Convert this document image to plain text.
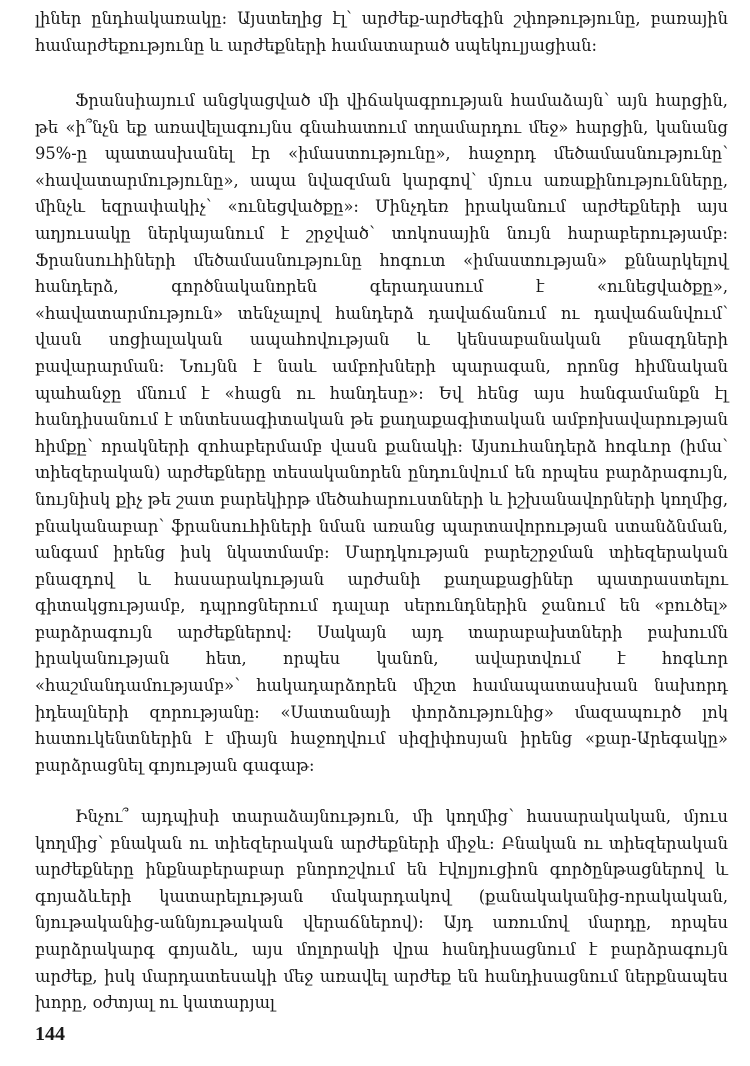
լիներ ընդհակառակը: Այստեղից էլ՝ արժեք-արժեգին շփոթությունը, բառային համարժեքությունը և արժեքների համատարած սպեկուլյացիան:

Ֆրանսիայում անցկացված մի վիճակագրության համաձայն՝ այն հարցին, թե «ի՞նչն եք առավելագույնս գնահատում տղամարդու մեջ» հարցին, կանանց 95%-ը պատասխանել էր «իմաստությունը», հաջորդ մեծամասնությունը՝ «հավատարմությունը», ապա նվազման կարգով՝ մյուս առաքինությունները, մինչև եզրափակիչ՝ «ունեցվածքը»: Մինչդեռ իրականում արժեքների այս աղյուսակը ներկայանում է շրջված՝ տոկոսային նույն հարաբերությամբ: Ֆրանսուհիների մեծամասնությունը հոգուտ «իմաստության» քննարկելով հանդերձ, գործնականորեն գերադասում է «ունեցվածքը», «հավատարմություն» տենչալով հանդերձ դավաճանում ու դավաճանվում՝ վասն սոցիալական ապահովության և կենսաբանական բնազդների բավարարման: Նույնն է նաև ամբոխների պարագան, որոնց հիմնական պահանջը մնում է «հացն ու հանդեսը»: Եվ հենց այս հանգամանքն էլ հանդիսանում է տնտեսագիտական թե քաղաքագիտական ամբոխավարության հիմքը՝ որակների զոհաբերմամբ վասն քանակի: Այսուհանդերձ հոգևոր (իմա՝ տիեզերական) արժեքները տեսականորեն ընդունվում են որպես բարձրագույն, նույնիսկ քիչ թե շատ բարեկիրթ մեծահարուստների և իշխանավորների կողմից, բնականաբար՝ ֆրանսուհիների նման առանց պարտավորության ստանձնման, անգամ իրենց իսկ նկատմամբ: Մարդկության բարեշրջման տիեզերական բնազդով և հասարակության արժանի քաղաքացիներ պատրաստելու գիտակցությամբ, դպրոցներում դալար սերունդներին ջանում են «բուծել» բարձրագույն արժեքներով: Սակայն այդ տարաբախտների բախումն իրականության հետ, որպես կանոն, ավարտվում է հոգևոր «հաշմանդամությամբ»՝ հակադարձորեն միշտ համապատասխան նախորդ իդեալների զորությանը: «Սատանայի փորձությունից» մազապուրծ լոկ հատուկենտներին է միայն հաջողվում սիզիփոսյան իրենց «քար-Արեգակը» բարձրացնել գոյության գագաթ:

Ինչու՞ այդպիսի տարաձայնություն, մի կողմից՝ հասարակական, մյուս կողմից՝ բնական ու տիեզերական արժեքների միջև: Բնական ու տիեզերական արժեքները ինքնաբերաբար բնորոշվում են էվոլյուցիոն գործընթացներով և գոյաձևերի կատարելության մակարդակով (քանակականից-որակական, նյութականից-աննյութական վերաճներով): Այդ առումով մարդը, որպես բարձրակարգ գոյաձև, այս մոլորակի վրա հանդիսացնում է բարձրագույն արժեք, իսկ մարդատեսակի մեջ առավել արժեք են հանդիսացնում ներքնապես խորը, օժտյալ ու կատարյալ

144
